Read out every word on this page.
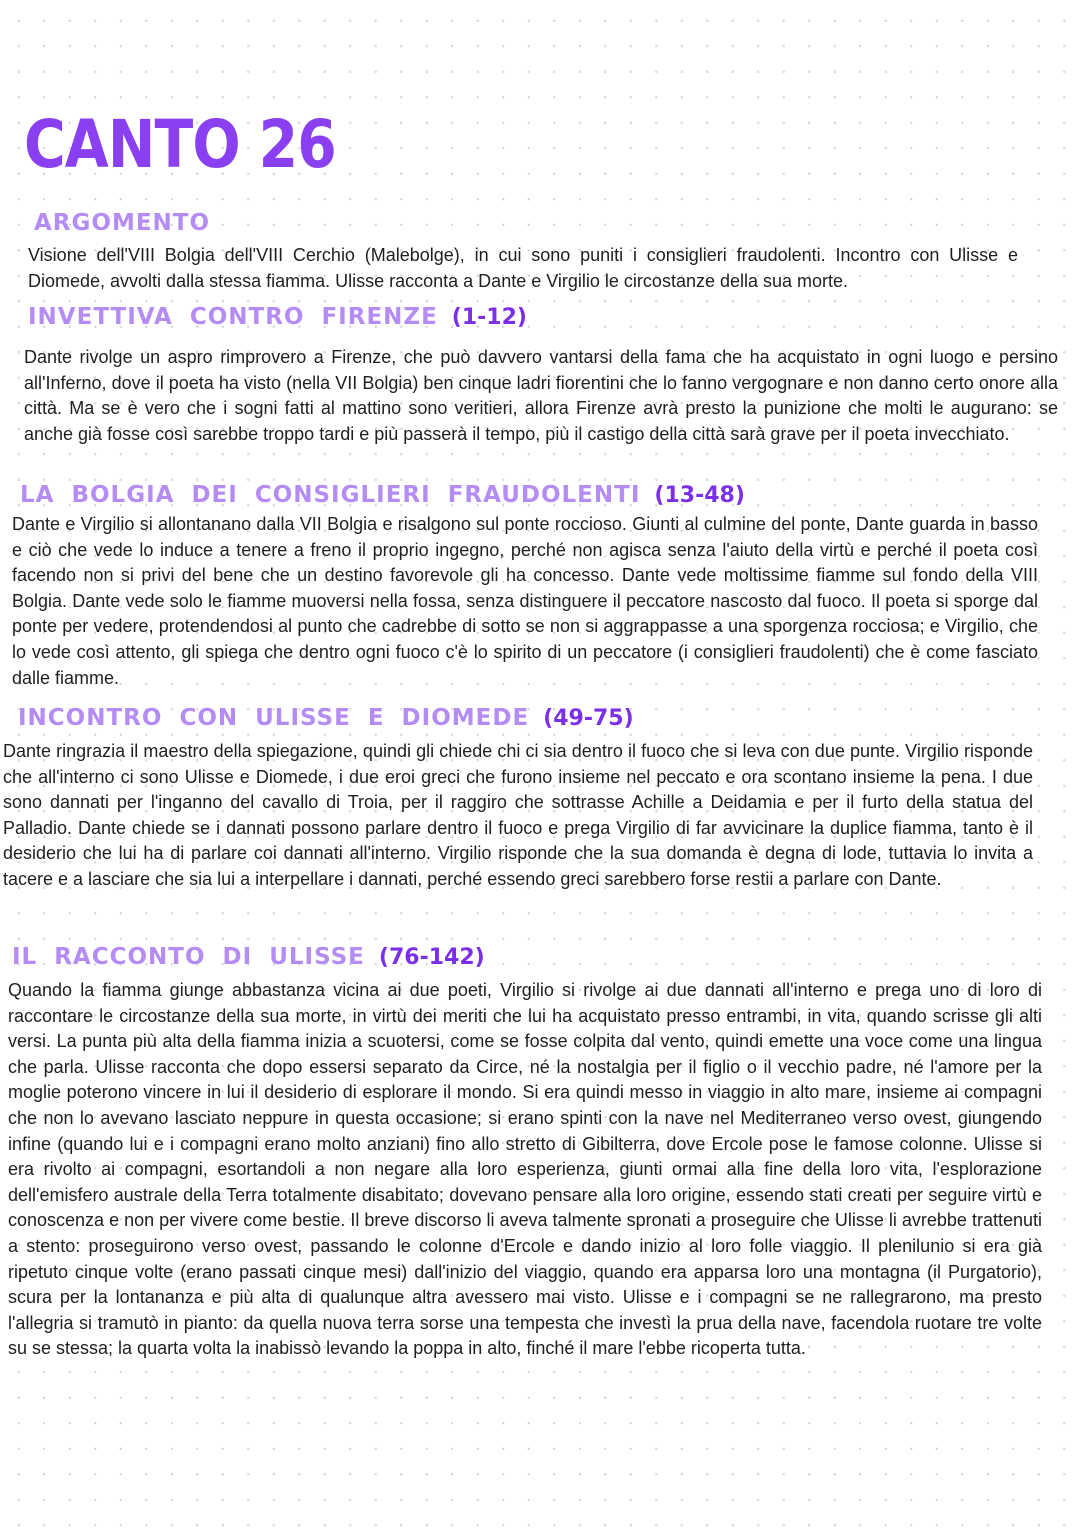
CANTO 26
ARGOMENTO

Visione dell'VIII Bolgia dell'VIII Cerchio (Malebolge), in cui sono puniti i consiglieri fraudolenti. Incontro con Ulisse e Diomede, avvolti dalla stessa fiamma. Ulisse racconta a Dante e Virgilio le circostanze della sua morte.

INVETTIVA CONTRO FIRENZE (1-12)

Dante rivolge un aspro rimprovero a Firenze, che può davvero vantarsi della fama che ha acquistato in ogni luogo e persino all'Inferno, dove il poeta ha visto (nella VII Bolgia) ben cinque ladri fiorentini che lo fanno vergognare e non danno certo onore alla città. Ma se è vero che i sogni fatti al mattino sono veritieri, allora Firenze avrà presto la punizione che molti le augurano: se anche già fosse così sarebbe troppo tardi e più passerà il tempo, più il castigo della città sarà grave per il poeta invecchiato.

LA BOLGIA DEI CONSIGLIERI FRAUDOLENTI (13-48)

Dante e Virgilio si allontanano dalla VII Bolgia e risalgono sul ponte roccioso. Giunti al culmine del ponte, Dante guarda in basso e ciò che vede lo induce a tenere a freno il proprio ingegno, perché non agisca senza l'aiuto della virtù e perché il poeta così facendo non si privi del bene che un destino favorevole gli ha concesso. Dante vede moltissime fiamme sul fondo della VIII Bolgia. Dante vede solo le fiamme muoversi nella fossa, senza distinguere il peccatore nascosto dal fuoco. Il poeta si sporge dal ponte per vedere, protendendosi al punto che cadrebbe di sotto se non si aggrappasse a una sporgenza rocciosa; e Virgilio, che lo vede così attento, gli spiega che dentro ogni fuoco c'è lo spirito di un peccatore (i consiglieri fraudolenti) che è come fasciato dalle fiamme.

INCONTRO CON ULISSE E DIOMEDE (49-75)

Dante ringrazia il maestro della spiegazione, quindi gli chiede chi ci sia dentro il fuoco che si leva con due punte. Virgilio risponde che all'interno ci sono Ulisse e Diomede, i due eroi greci che furono insieme nel peccato e ora scontano insieme la pena. I due sono dannati per l'inganno del cavallo di Troia, per il raggiro che sottrasse Achille a Deidamia e per il furto della statua del Palladio. Dante chiede se i dannati possono parlare dentro il fuoco e prega Virgilio di far avvicinare la duplice fiamma, tanto è il desiderio che lui ha di parlare coi dannati all'interno. Virgilio risponde che la sua domanda è degna di lode, tuttavia lo invita a tacere e a lasciare che sia lui a interpellare i dannati, perché essendo greci sarebbero forse restii a parlare con Dante.

IL RACCONTO DI ULISSE (76-142)

Quando la fiamma giunge abbastanza vicina ai due poeti, Virgilio si rivolge ai due dannati all'interno e prega uno di loro di raccontare le circostanze della sua morte, in virtù dei meriti che lui ha acquistato presso entrambi, in vita, quando scrisse gli alti versi. La punta più alta della fiamma inizia a scuotersi, come se fosse colpita dal vento, quindi emette una voce come una lingua che parla. Ulisse racconta che dopo essersi separato da Circe, né la nostalgia per il figlio o il vecchio padre, né l'amore per la moglie poterono vincere in lui il desiderio di esplorare il mondo. Si era quindi messo in viaggio in alto mare, insieme ai compagni che non lo avevano lasciato neppure in questa occasione; si erano spinti con la nave nel Mediterraneo verso ovest, giungendo infine (quando lui e i compagni erano molto anziani) fino allo stretto di Gibilterra, dove Ercole pose le famose colonne. Ulisse si era rivolto ai compagni, esortandoli a non negare alla loro esperienza, giunti ormai alla fine della loro vita, l'esplorazione dell'emisfero australe della Terra totalmente disabitato; dovevano pensare alla loro origine, essendo stati creati per seguire virtù e conoscenza e non per vivere come bestie. Il breve discorso li aveva talmente spronati a proseguire che Ulisse li avrebbe trattenuti a stento: proseguirono verso ovest, passando le colonne d'Ercole e dando inizio al loro folle viaggio. Il plenilunio si era già ripetuto cinque volte (erano passati cinque mesi) dall'inizio del viaggio, quando era apparsa loro una montagna (il Purgatorio), scura per la lontananza e più alta di qualunque altra avessero mai visto. Ulisse e i compagni se ne rallegrarono, ma presto l'allegria si tramutò in pianto: da quella nuova terra sorse una tempesta che investì la prua della nave, facendola ruotare tre volte su se stessa; la quarta volta la inabissò levando la poppa in alto, finché il mare l'ebbe ricoperta tutta.
